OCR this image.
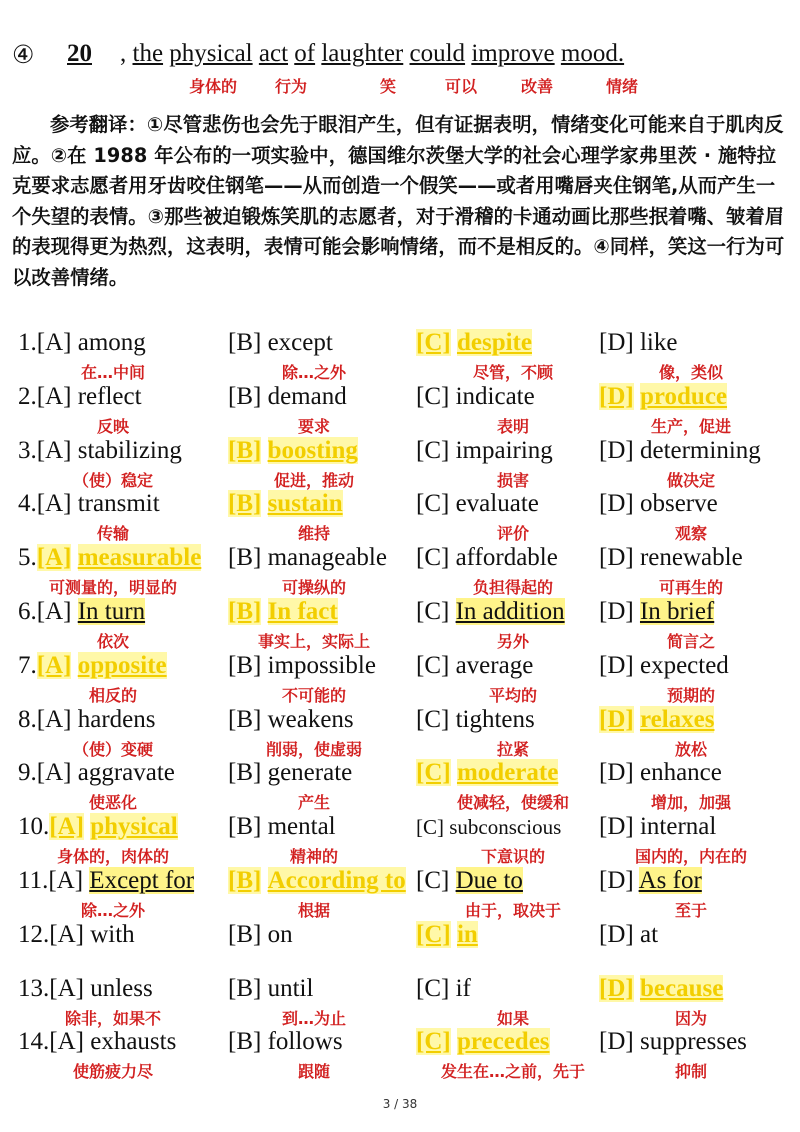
④ 20 , the physical act of laughter could improve mood.
身体的 行为	笑	可以	改善	情绪

参考翻译：①尽管悲伤也会先于眼泪产生，但有证据表明，情绪变化可能来自于肌肉反应。②在 1988 年公布的一项实验中，德国维尔茨堡大学的社会心理学家弗里茨 · 施特拉克要求志愿者用牙齿咬住钢笔——从而创造一个假笑——或者用嘴唇夹住钢笔,从而产生一个失望的表情。③那些被迫锻炼笑肌的志愿者，对于滑稽的卡通动画比那些抿着嘴、皱着眉的表现得更为热烈，这表明，表情可能会影响情绪，而不是相反的。④同样，笑这一行为可以改善情绪。

1.[A] among
在…中间
[B] except
除…之外
[C] despite
尽管，不顾
[D] like
像，类似
2.[A] reflect
反映
[B] demand
要求
[C] indicate
表明
[D] produce
生产，促进
3.[A] stabilizing
（使）稳定
[B] boosting
促进，推动
[C] impairing
损害
[D] determining
做决定
4.[A] transmit
传输
[B] sustain
维持
[C] evaluate
评价
[D] observe
观察
5.[A] measurable
可测量的，明显的
[B] manageable
可操纵的
[C] affordable
负担得起的
[D] renewable
可再生的
6.[A] In turn
依次
[B] In fact
事实上，实际上
[C] In addition
另外
[D] In brief
简言之
7.[A] opposite
相反的
[B] impossible
不可能的
[C] average
平均的
[D] expected
预期的
8.[A] hardens
（使）变硬
[B] weakens
削弱，使虚弱
[C] tightens
拉紧
[D] relaxes
放松
9.[A] aggravate
使恶化
[B] generate
产生
[C] moderate
使减轻，使缓和
[D] enhance
增加，加强
10.[A] physical
身体的，肉体的
[B] mental
精神的
[C] subconscious
下意识的
[D] internal
国内的，内在的
11.[A] Except for
除…之外
[B] According to
根据
[C] Due to
由于，取决于
[D] As for
至于
12.[A] with	[B] on	[C] in	[D] at
13.[A] unless
除非，如果不
[B] until
到…为止
[C] if
如果
[D] because
因为
14.[A] exhausts
使筋疲力尽
[B] follows
跟随
[C] precedes
发生在…之前，先于
[D] suppresses
抑制
3 / 38
